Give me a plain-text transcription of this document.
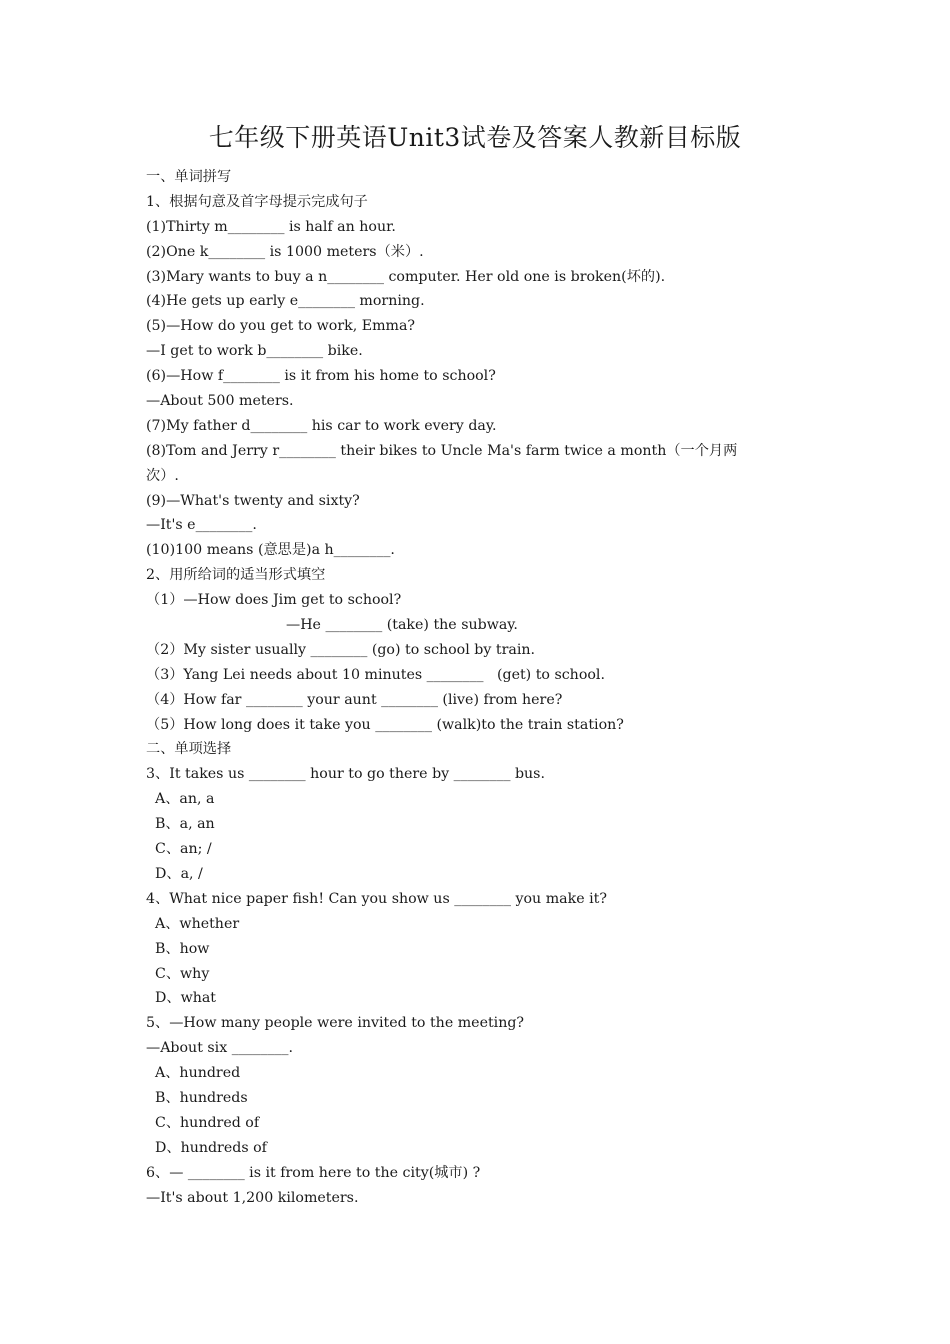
七年级下册英语Unit3试卷及答案人教新目标版
一、单词拼写
1、根据句意及首字母提示完成句子
(1)Thirty m________ is half an hour.
(2)One k________ is 1000 meters（米）.
(3)Mary wants to buy a n________ computer. Her old one is broken(坏的).
(4)He gets up early e________ morning.
(5)—How do you get to work, Emma?
—I get to work b________ bike.
(6)—How f________ is it from his home to school?
—About 500 meters.
(7)My father d________ his car to work every day.
(8)Tom and Jerry r________ their bikes to Uncle Ma's farm twice a month（一个月两
次）.
(9)—What's twenty and sixty?
—It's e________.
(10)100 means (意思是)a h________.
2、用所给词的适当形式填空
（1）—How does Jim get to school?
—He ________ (take) the subway.
（2）My sister usually ________ (go) to school by train.
（3）Yang Lei needs about 10 minutes ________   (get) to school.
（4）How far ________ your aunt ________ (live) from here?
（5）How long does it take you ________ (walk)to the train station?
二、单项选择
3、It takes us ________ hour to go there by ________ bus.
A、an, a
B、a, an
C、an; /
D、a, /
4、What nice paper fish! Can you show us ________ you make it?
A、whether
B、how
C、why
D、what
5、—How many people were invited to the meeting?
—About six ________.
A、hundred
B、hundreds
C、hundred of
D、hundreds of
6、— ________ is it from here to the city(城市) ?
—It's about 1,200 kilometers.
